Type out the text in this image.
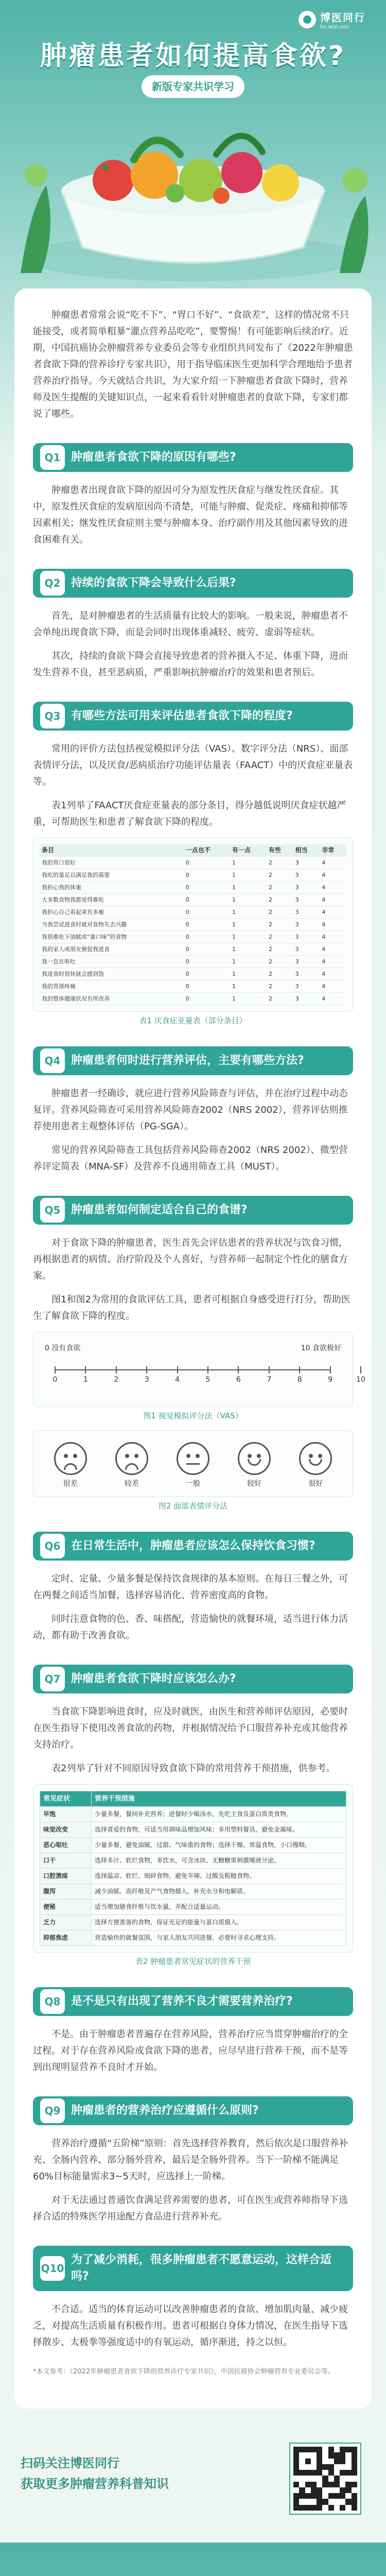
博医同行
bo.wlzl.ooo
肿瘤患者如何提高食欲?
新版专家共识学习

肿瘤患者常常会说“吃不下”、“胃口不好”、“食欲差”，这样的情况常不只能接受，或者简单粗暴“灌点营养品吃吃”，要警惕！有可能影响后续治疗。近期，中国抗癌协会肿瘤营养专业委员会等专业组织共同发布了《2022年肿瘤患者食欲下降的营养诊疗专家共识》，用于指导临床医生更加科学合理地给予患者营养治疗指导。今天就结合共识，为大家介绍一下肿瘤患者食欲下降时，营养师及医生提醒的关键知识点，一起来看看针对肿瘤患者的食欲下降，专家们都说了哪些。

Q1 肿瘤患者食欲下降的原因有哪些?

肿瘤患者出现食欲下降的原因可分为原发性厌食症与继发性厌食症。其中，原发性厌食症的发病原因尚不清楚，可能与肿瘤、促炎症、疼痛和抑郁等因素相关；继发性厌食症则主要与肿瘤本身、治疗副作用及其他因素导致的进食困难有关。

Q2 持续的食欲下降会导致什么后果?

首先，是对肿瘤患者的生活质量有比较大的影响。一般来说，肿瘤患者不会单纯出现食欲下降，而是会同时出现体重减轻、疲劳、虚弱等症状。

其次，持续的食欲下降会直接导致患者的营养摄入不足、体重下降，进而发生营养不良，甚至恶病质，严重影响抗肿瘤治疗的效果和患者预后。

Q3 有哪些方法可用来评估患者食欲下降的程度?

常用的评价方法包括视觉模拟评分法（VAS）、数字评分法（NRS）、面部表情评分法，以及厌食/恶病质治疗功能评估量表（FAACT）中的厌食症亚量表等。

表1列举了FAACT厌食症亚量表的部分条目，得分越低说明厌食症状越严重，可帮助医生和患者了解食欲下降的程度。

条目	一点也不	有一点	有些	相当	非常
我的胃口很好	0	1	2	3	4
我吃的量足以满足我的需要	0	1	2	3	4
我担心我的体重	0	1	2	3	4
大多数食物我都觉得难吃	0	1	2	3	4
我担心自己看起来有多瘦	0	1	2	3	4
当我尝试进食时就对食物失去兴趣	0	1	2	3	4
我很难吃下油腻或“重口味”的食物	0	1	2	3	4
我的家人或朋友催促我进食	0	1	2	3	4
我一直在呕吐	0	1	2	3	4
我进食时很快就会感到饱	0	1	2	3	4
我的胃部疼痛	0	1	2	3	4
我的整体健康状况有所改善	0	1	2	3	4
表1 厌食症亚量表（部分条目）
Q4 肿瘤患者何时进行营养评估，主要有哪些方法?

肿瘤患者一经确诊，就应进行营养风险筛查与评估，并在治疗过程中动态复评。营养风险筛查可采用营养风险筛查2002（NRS 2002），营养评估则推荐使用患者主观整体评估（PG-SGA）。

常见的营养风险筛查工具包括营养风险筛查2002（NRS 2002）、微型营养评定简表（MNA-SF）及营养不良通用筛查工具（MUST）。

Q5 肿瘤患者如何制定适合自己的食谱?

对于食欲下降的肿瘤患者，医生首先会评估患者的营养状况与饮食习惯，再根据患者的病情、治疗阶段及个人喜好，与营养师一起制定个性化的膳食方案。

图1和图2为常用的食欲评估工具，患者可根据自身感受进行打分，帮助医生了解食欲下降的程度。

0 没有食欲	10 食欲极好
0	1	2	3	4	5	6	7	8	9	10
图1 视觉模拟评分法（VAS）
很差	较差	一般	较好	很好
图2 面部表情评分法
Q6 在日常生活中，肿瘤患者应该怎么保持饮食习惯?

定时、定量、少量多餐是保持饮食规律的基本原则。在每日三餐之外，可在两餐之间适当加餐，选择容易消化、营养密度高的食物。

同时注意食物的色、香、味搭配，营造愉快的就餐环境，适当进行体力活动，都有助于改善食欲。

Q7 肿瘤患者食欲下降时应该怎么办?

当食欲下降影响进食时，应及时就医，由医生和营养师评估原因，必要时在医生指导下使用改善食欲的药物，并根据情况给予口服营养补充或其他营养支持治疗。

表2列举了针对不同原因导致食欲下降的常用营养干预措施，供参考。

常见症状	营养干预措施
早饱	少量多餐，餐间补充营养；进餐时少喝汤水，先吃主食及蛋白质类食物。
味觉改变	选择喜爱的食物，可适当用调味品增加风味；多用塑料餐具，避免金属味。
恶心呕吐	少量多餐，避免油腻、过甜、气味重的食物；选择干燥、常温食物，小口慢咽。
口干	选择多汁、软烂食物，多饮水，可含冰块、无糖糖果刺激唾液分泌。
口腔溃疡	选择温凉、软烂、细碎食物，避免辛辣、过酸及粗糙食物。
腹泻	减少油腻、高纤维及产气食物摄入，补充水分和电解质。
便秘	适当增加膳食纤维与饮水量，并配合适量运动。
乏力	选择方便准备的食物，保证充足的能量与蛋白质摄入。
抑郁焦虑	营造愉快的就餐氛围，与家人朋友共同进餐，必要时寻求心理支持。
表2 肿瘤患者常见症状的营养干预
Q8 是不是只有出现了营养不良才需要营养治疗?

不是。由于肿瘤患者普遍存在营养风险，营养治疗应当贯穿肿瘤治疗的全过程。对于存在营养风险或食欲下降的患者，应尽早进行营养干预，而不是等到出现明显营养不良时才开始。

Q9 肿瘤患者的营养治疗应遵循什么原则?

营养治疗遵循“五阶梯”原则：首先选择营养教育，然后依次是口服营养补充、全肠内营养、部分肠外营养，最后是全肠外营养。当下一阶梯不能满足60%目标能量需求3~5天时，应选择上一阶梯。

对于无法通过普通饮食满足营养需要的患者，可在医生或营养师指导下选择合适的特殊医学用途配方食品进行营养补充。

Q10
为了减少消耗，很多肿瘤患者不愿意运动，这样合适吗?

不合适。适当的体育运动可以改善肿瘤患者的食欲、增加肌肉量、减少疲乏，对提高生活质量有积极作用。患者可根据自身体力情况，在医生指导下选择散步、太极拳等强度适中的有氧运动，循序渐进，持之以恒。

*本文参考：《2022年肿瘤患者食欲下降的营养诊疗专家共识》，中国抗癌协会肿瘤营养专业委员会等。

扫码关注博医同行
获取更多肿瘤营养科普知识
